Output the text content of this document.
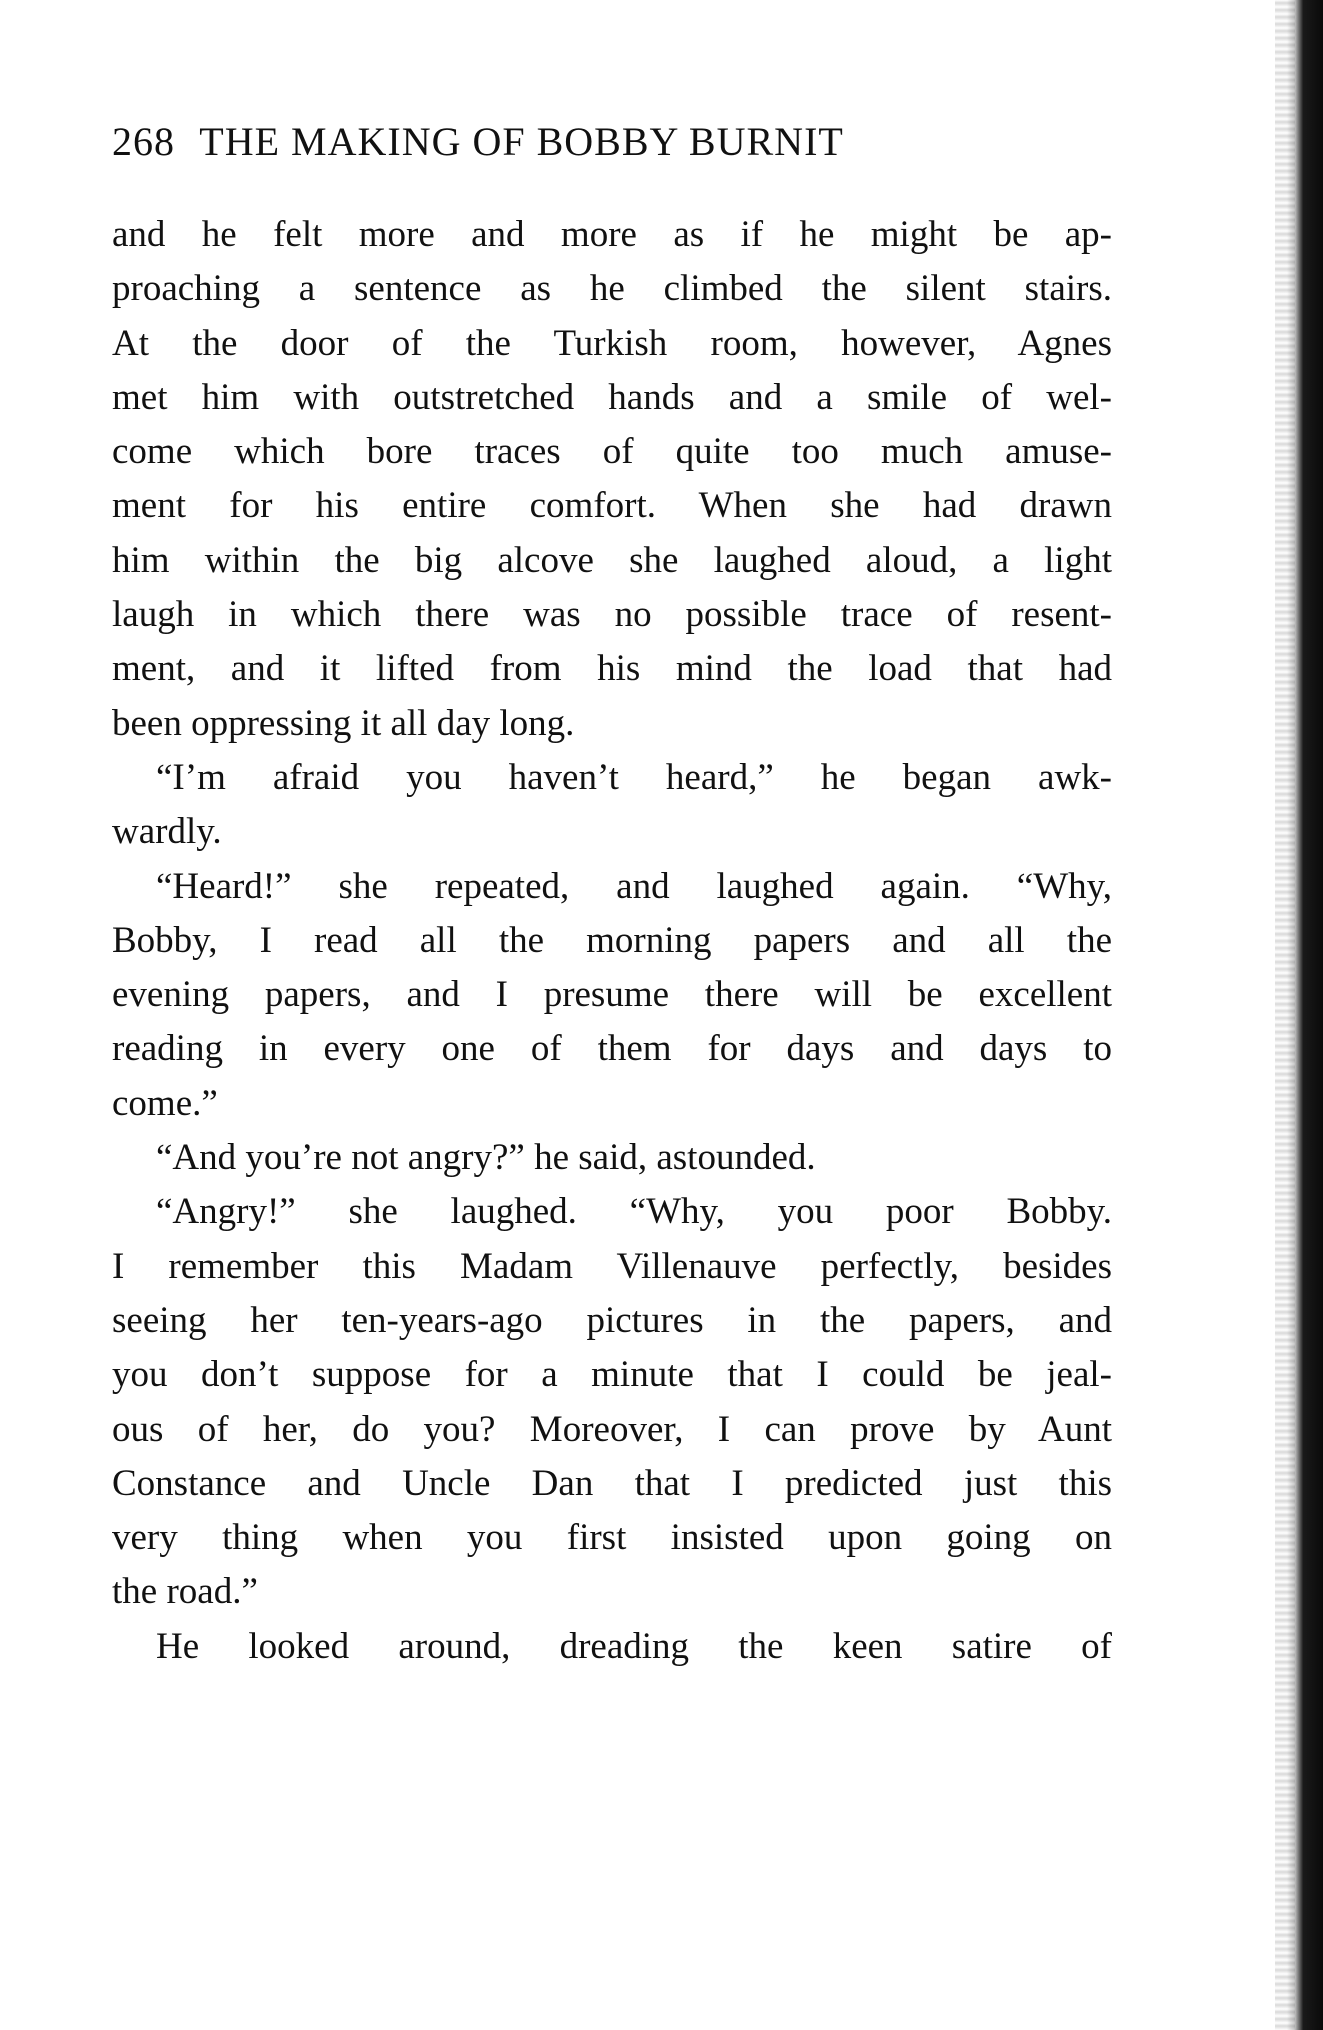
268 THE MAKING OF BOBBY BURNIT
and he felt more and more as if he might be ap-
proaching a sentence as he climbed the silent stairs.
At the door of the Turkish room, however, Agnes
met him with outstretched hands and a smile of wel-
come which bore traces of quite too much amuse-
ment for his entire comfort. When she had drawn
him within the big alcove she laughed aloud, a light
laugh in which there was no possible trace of resent-
ment, and it lifted from his mind the load that had
been oppressing it all day long.
“I’m afraid you haven’t heard,” he began awk-
wardly.
“Heard!” she repeated, and laughed again. “Why,
Bobby, I read all the morning papers and all the
evening papers, and I presume there will be excellent
reading in every one of them for days and days to
come.”
“And you’re not angry?” he said, astounded.
“Angry!” she laughed. “Why, you poor Bobby.
I remember this Madam Villenauve perfectly, besides
seeing her ten-years-ago pictures in the papers, and
you don’t suppose for a minute that I could be jeal-
ous of her, do you? Moreover, I can prove by Aunt
Constance and Uncle Dan that I predicted just this
very thing when you first insisted upon going on
the road.”
He looked around, dreading the keen satire of
